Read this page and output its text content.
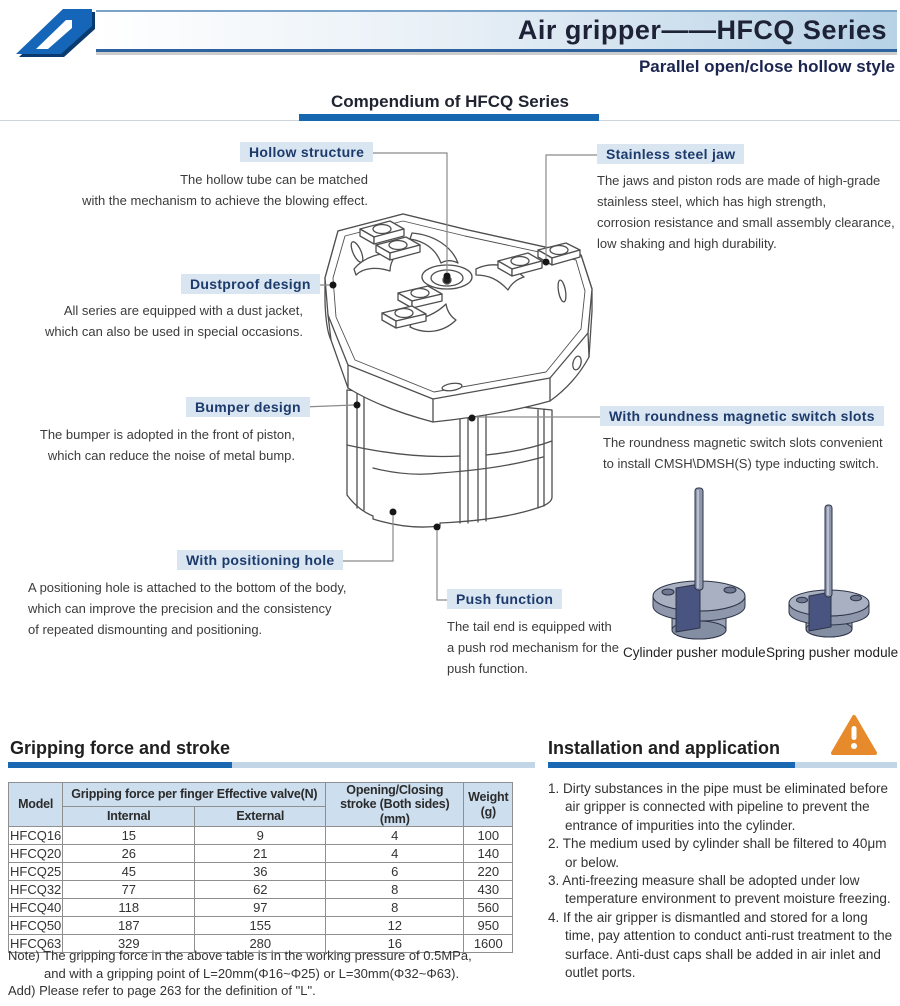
Air gripper——HFCQ Series
Parallel open/close hollow style
Compendium of HFCQ Series
Hollow structure	Stainless steel jaw
Dustproof design
Bumper design
With roundness magnetic switch slots
With positioning hole
Push function
The hollow tube can be matched
with the mechanism to achieve the blowing effect.
The jaws and piston rods are made of high-grade
stainless steel, which has high strength,
corrosion resistance and small assembly clearance,
low shaking and high durability.
All series are equipped with a dust jacket,
which can also be used in special occasions.
The bumper is adopted in the front of piston,
which can reduce the noise of metal bump.
The roundness magnetic switch slots convenient
to install CMSH\DMSH(S) type inducting switch.
A positioning hole is attached to the bottom of the body,
which can improve the precision and the consistency
of repeated dismounting and positioning.	The tail end is equipped with
a push rod mechanism for the
push function.
Cylinder pusher module Spring pusher module
Gripping force and stroke
Model	Gripping force per finger Effective valve(N)		Opening/Closing stroke (Both sides)(mm)	Weight (g)
	Internal	External		
HFCQ16	15	9	4	100
HFCQ20	26	21	4	140
HFCQ25	45	36	6	220
HFCQ32	77	62	8	430
HFCQ40	118	97	8	560
HFCQ50	187	155	12	950
HFCQ63	329	280	16	1600
Note) The gripping force in the above table is in the working pressure of 0.5MPa,
and with a gripping point of L=20mm(Φ16~Φ25) or L=30mm(Φ32~Φ63).
Add) Please refer to page 263 for the definition of "L".
Installation and application
1. Dirty substances in the pipe must be eliminated before air gripper is connected with pipeline to prevent the entrance of impurities into the cylinder.
2. The medium used by cylinder shall be filtered to 40μm or below.
3. Anti-freezing measure shall be adopted under low temperature environment to prevent moisture freezing.
4. If the air gripper is dismantled and stored for a long time, pay attention to conduct anti-rust treatment to the surface. Anti-dust caps shall be added in air inlet and outlet ports.
